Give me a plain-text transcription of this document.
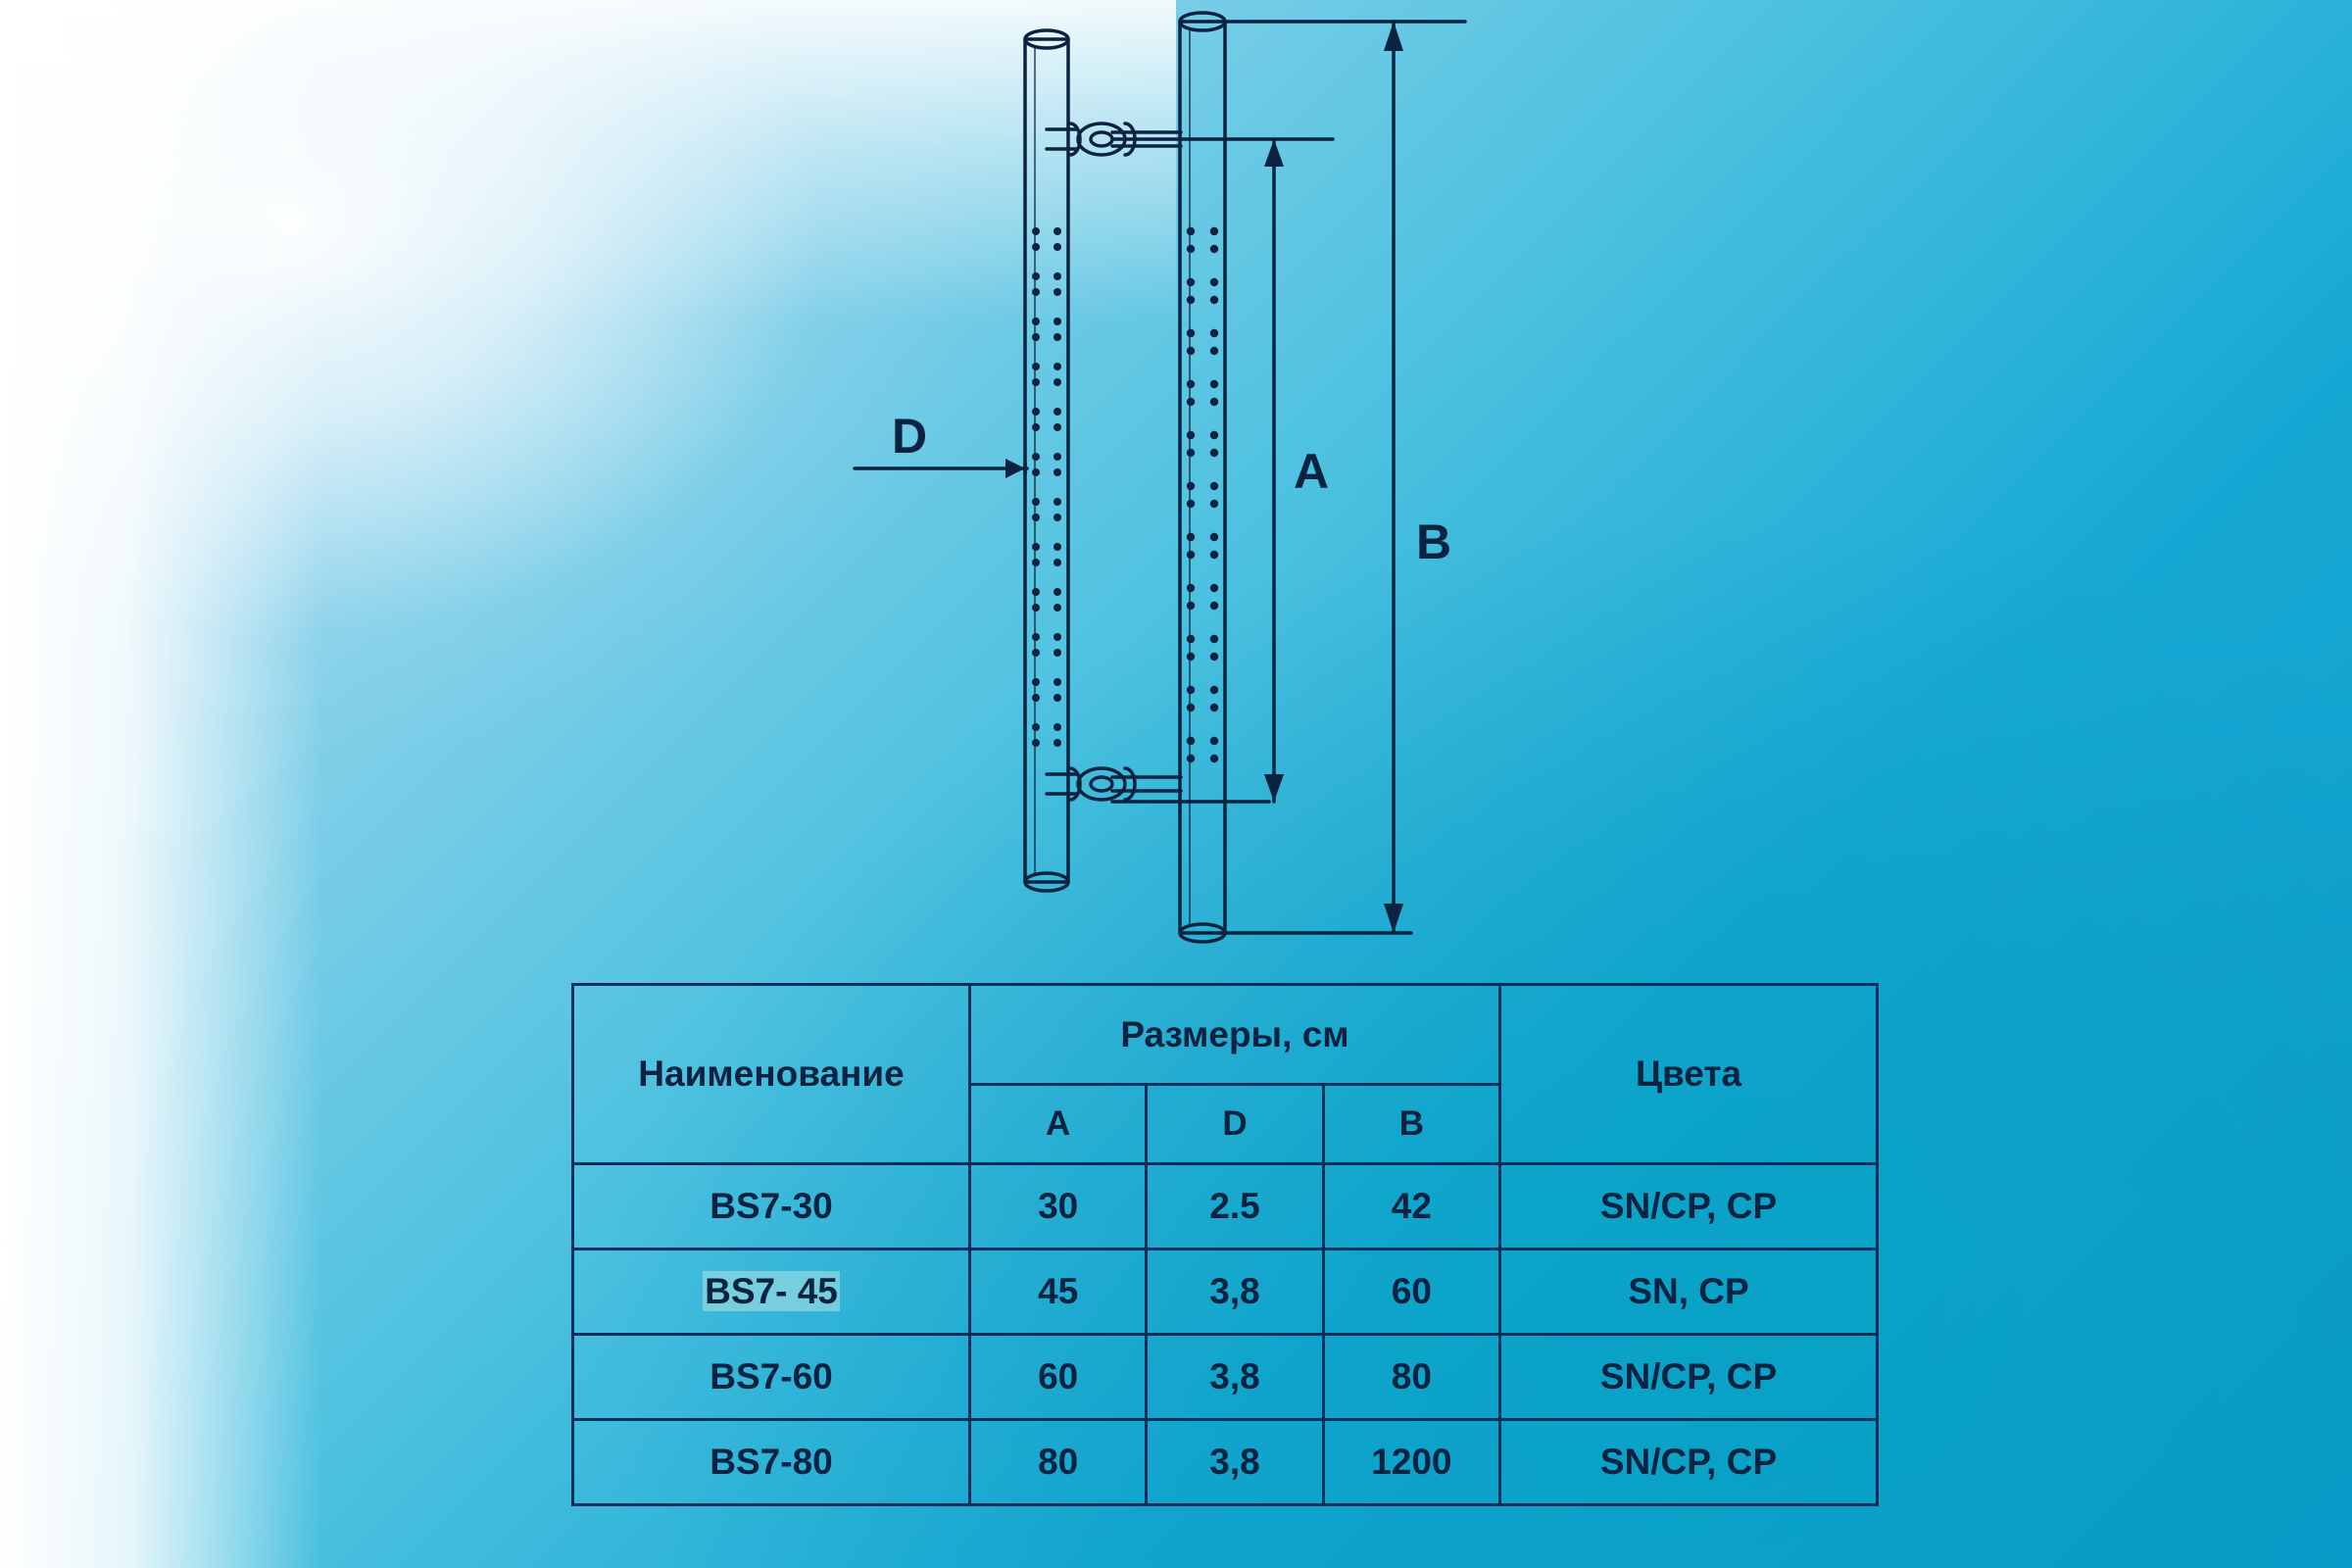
D
A
B
Наименование	Размеры, см			Цвета
	A	D	B	
BS7-30	30	2.5	42	SN/CP, CP
BS7- 45	45	3,8	60	SN, CP
BS7-60	60	3,8	80	SN/CP, CP
BS7-80	80	3,8	1200	SN/CP, CP
